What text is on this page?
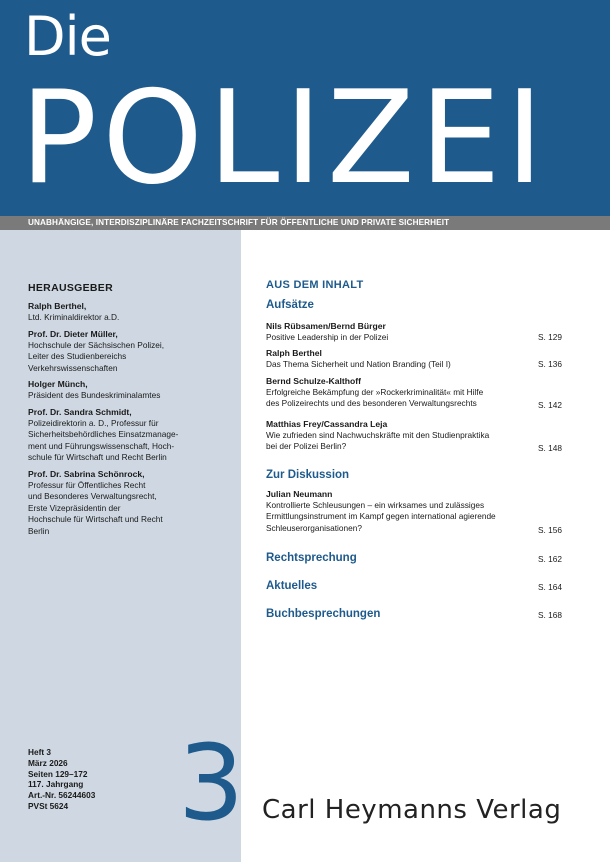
Die
POLIZEI
UNABHÄNGIGE, INTERDISZIPLINÄRE FACHZEITSCHRIFT FÜR ÖFFENTLICHE UND PRIVATE SICHERHEIT
HERAUSGEBER
Ralph Berthel,
Ltd. Kriminaldirektor a.D.
Prof. Dr. Dieter Müller,
Hochschule der Sächsischen Polizei,
Leiter des Studienbereichs
Verkehrswissenschaften
Holger Münch,
Präsident des Bundeskriminalamtes
Prof. Dr. Sandra Schmidt,
Polizeidirektorin a. D., Professur für
Sicherheitsbehördliches Einsatzmanage-
ment und Führungswissenschaft, Hoch-
schule für Wirtschaft und Recht Berlin
Prof. Dr. Sabrina Schönrock,
Professur für Öffentliches Recht
und Besonderes Verwaltungsrecht,
Erste Vizepräsidentin der
Hochschule für Wirtschaft und Recht
Berlin
Heft 3
März 2026
Seiten 129–172
117. Jahrgang
Art.-Nr. 56244603
PVSt 5624 3
AUS DEM INHALT
Aufsätze
Nils Rübsamen/Bernd Bürger
Positive Leadership in der Polizei	S. 129
Ralph Berthel
Das Thema Sicherheit und Nation Branding (Teil I)	S. 136
Bernd Schulze-Kalthoff
Erfolgreiche Bekämpfung der »Rockerkriminalität« mit Hilfe
des Polizeirechts und des besonderen Verwaltungsrechts	S. 142
Matthias Frey/Cassandra Leja
Wie zufrieden sind Nachwuchskräfte mit den Studienpraktika
bei der Polizei Berlin?	S. 148
Zur Diskussion
Julian Neumann
Kontrollierte Schleusungen – ein wirksames und zulässiges
Ermittlungsinstrument im Kampf gegen international agierende
Schleuserorganisationen?	S. 156
Rechtsprechung	S. 162
Aktuelles	S. 164
Buchbesprechungen	S. 168
Carl Heymanns Verlag
